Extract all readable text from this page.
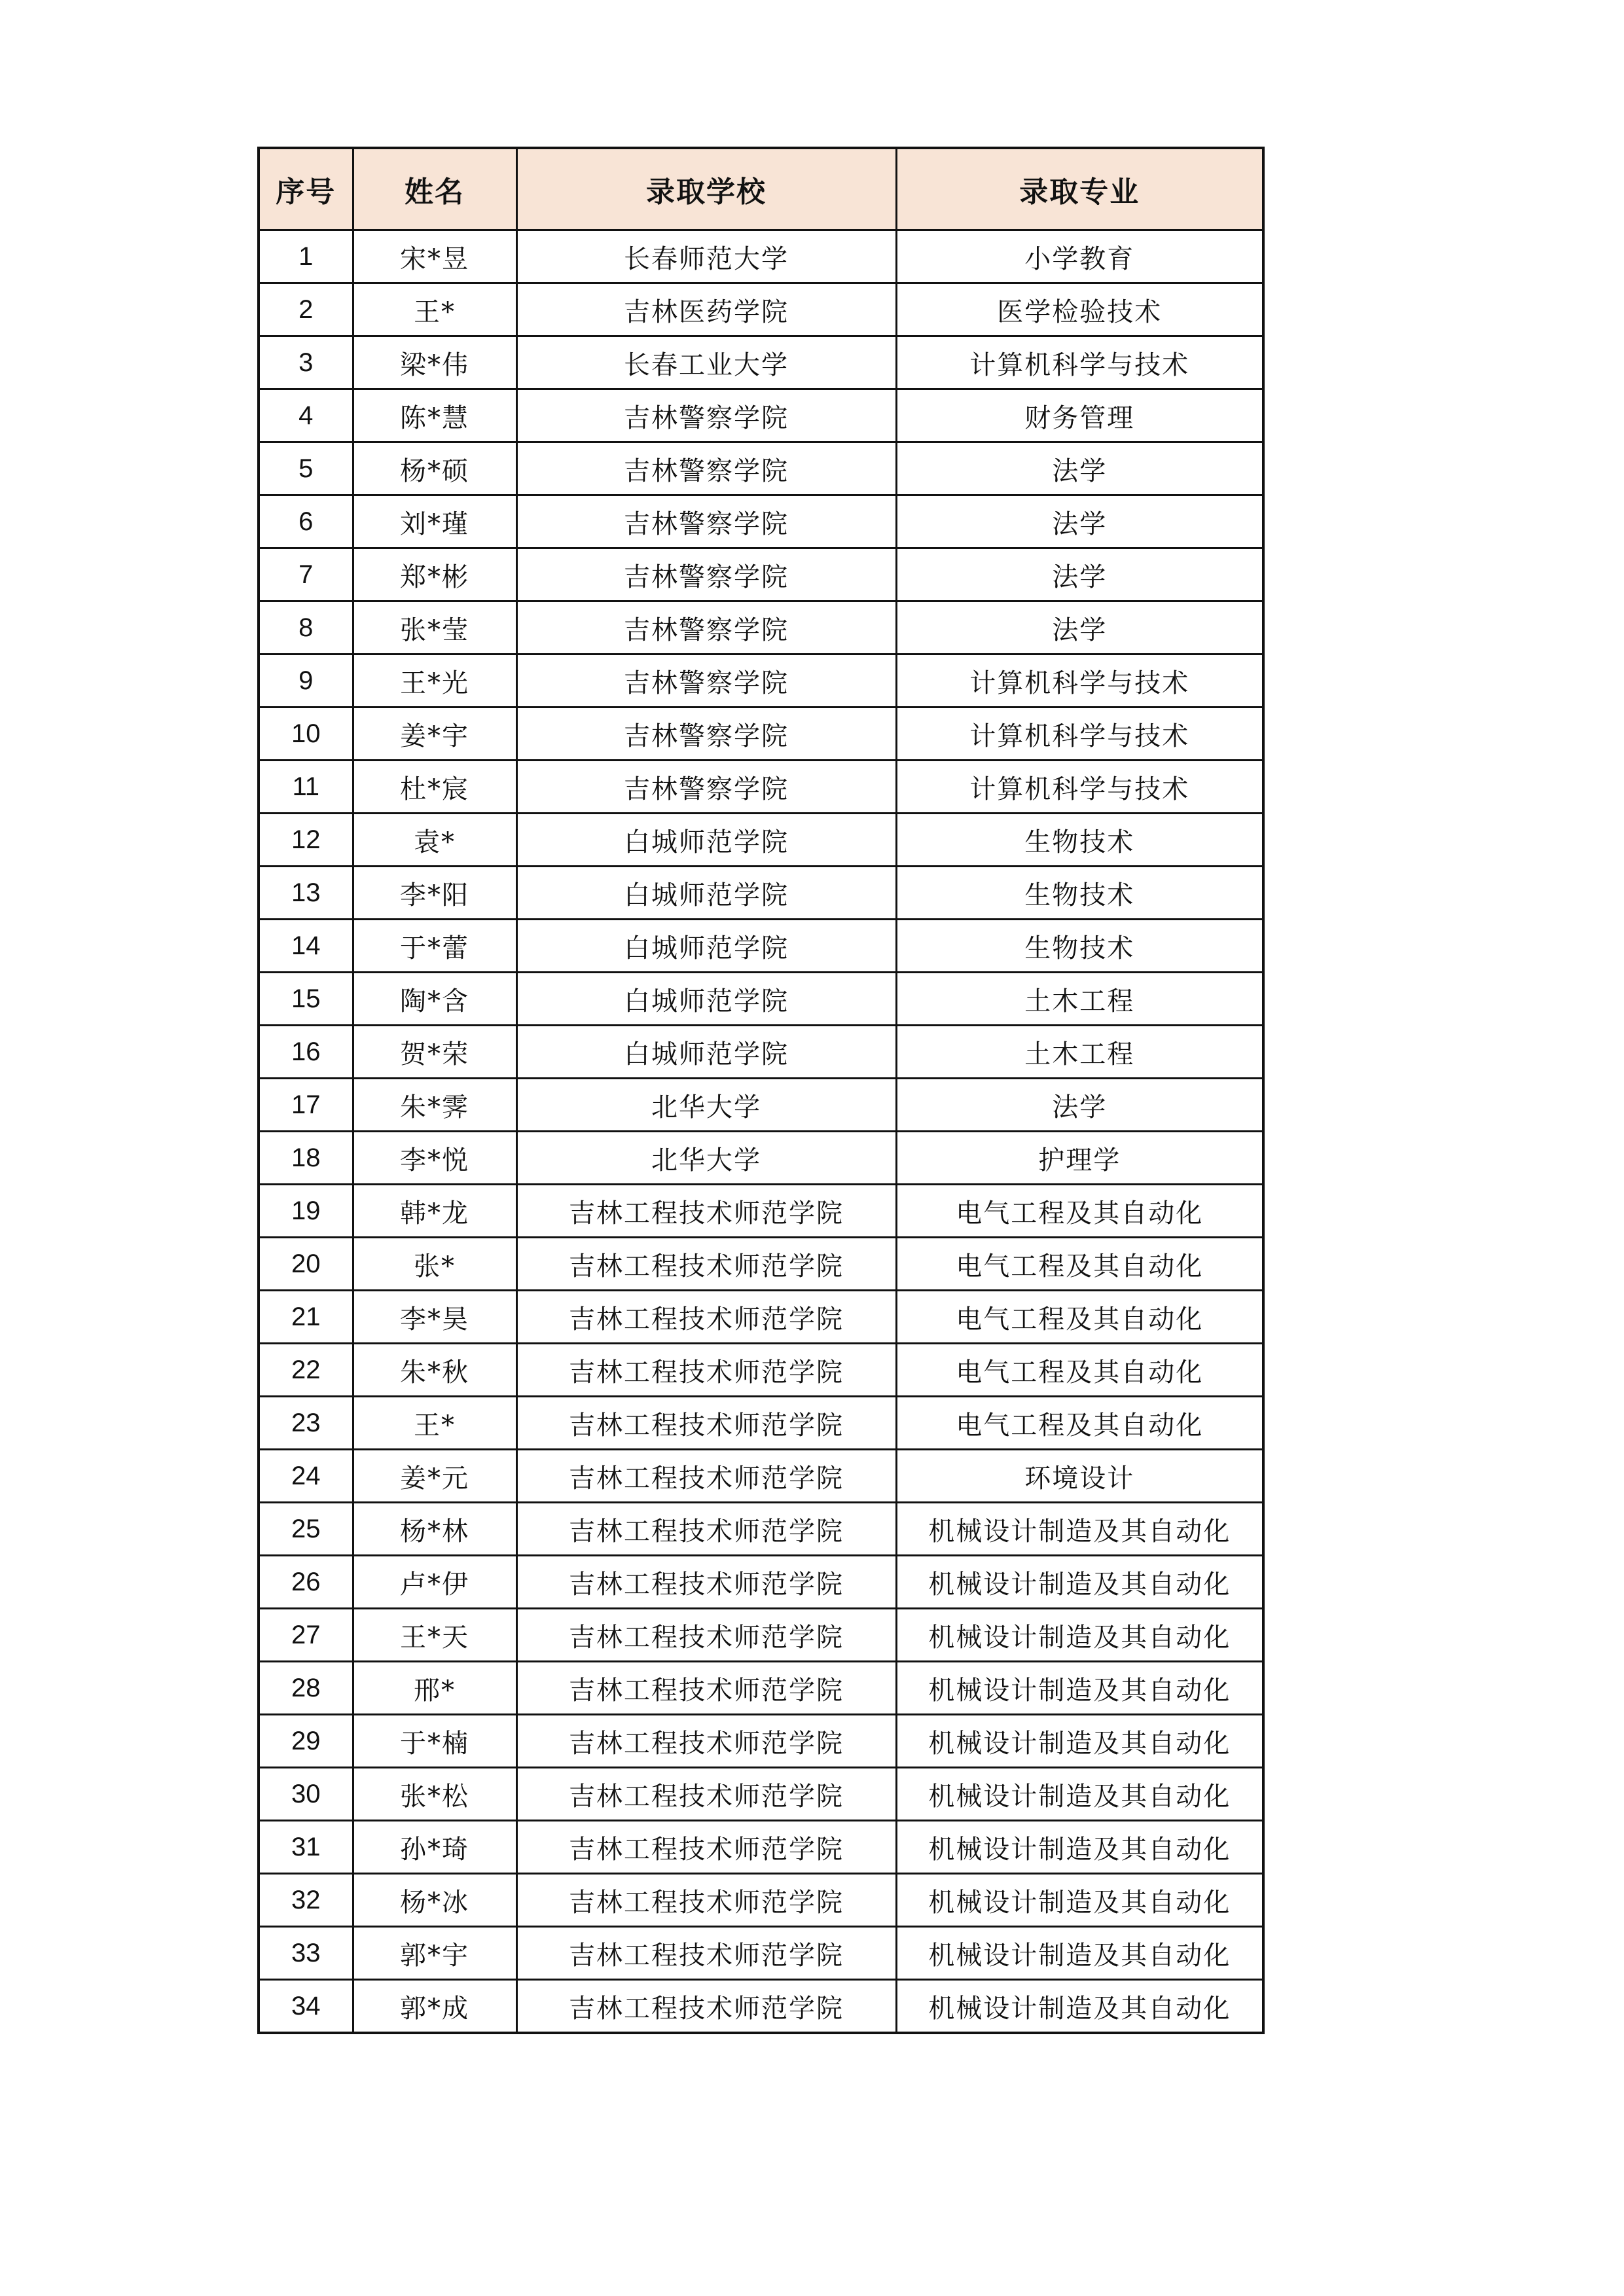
序号	姓名	录取学校	录取专业
1	宋*昱	长春师范大学	小学教育
2	王*	吉林医药学院	医学检验技术
3	梁*伟	长春工业大学	计算机科学与技术
4	陈*慧	吉林警察学院	财务管理
5	杨*硕	吉林警察学院	法学
6	刘*瑾	吉林警察学院	法学
7	郑*彬	吉林警察学院	法学
8	张*莹	吉林警察学院	法学
9	王*光	吉林警察学院	计算机科学与技术
10	姜*宇	吉林警察学院	计算机科学与技术
11	杜*宸	吉林警察学院	计算机科学与技术
12	袁*	白城师范学院	生物技术
13	李*阳	白城师范学院	生物技术
14	于*蕾	白城师范学院	生物技术
15	陶*含	白城师范学院	土木工程
16	贺*荣	白城师范学院	土木工程
17	朱*霁	北华大学	法学
18	李*悦	北华大学	护理学
19	韩*龙	吉林工程技术师范学院	电气工程及其自动化
20	张*	吉林工程技术师范学院	电气工程及其自动化
21	李*昊	吉林工程技术师范学院	电气工程及其自动化
22	朱*秋	吉林工程技术师范学院	电气工程及其自动化
23	王*	吉林工程技术师范学院	电气工程及其自动化
24	姜*元	吉林工程技术师范学院	环境设计
25	杨*林	吉林工程技术师范学院	机械设计制造及其自动化
26	卢*伊	吉林工程技术师范学院	机械设计制造及其自动化
27	王*天	吉林工程技术师范学院	机械设计制造及其自动化
28	邢*	吉林工程技术师范学院	机械设计制造及其自动化
29	于*楠	吉林工程技术师范学院	机械设计制造及其自动化
30	张*松	吉林工程技术师范学院	机械设计制造及其自动化
31	孙*琦	吉林工程技术师范学院	机械设计制造及其自动化
32	杨*冰	吉林工程技术师范学院	机械设计制造及其自动化
33	郭*宇	吉林工程技术师范学院	机械设计制造及其自动化
34	郭*成	吉林工程技术师范学院	机械设计制造及其自动化
